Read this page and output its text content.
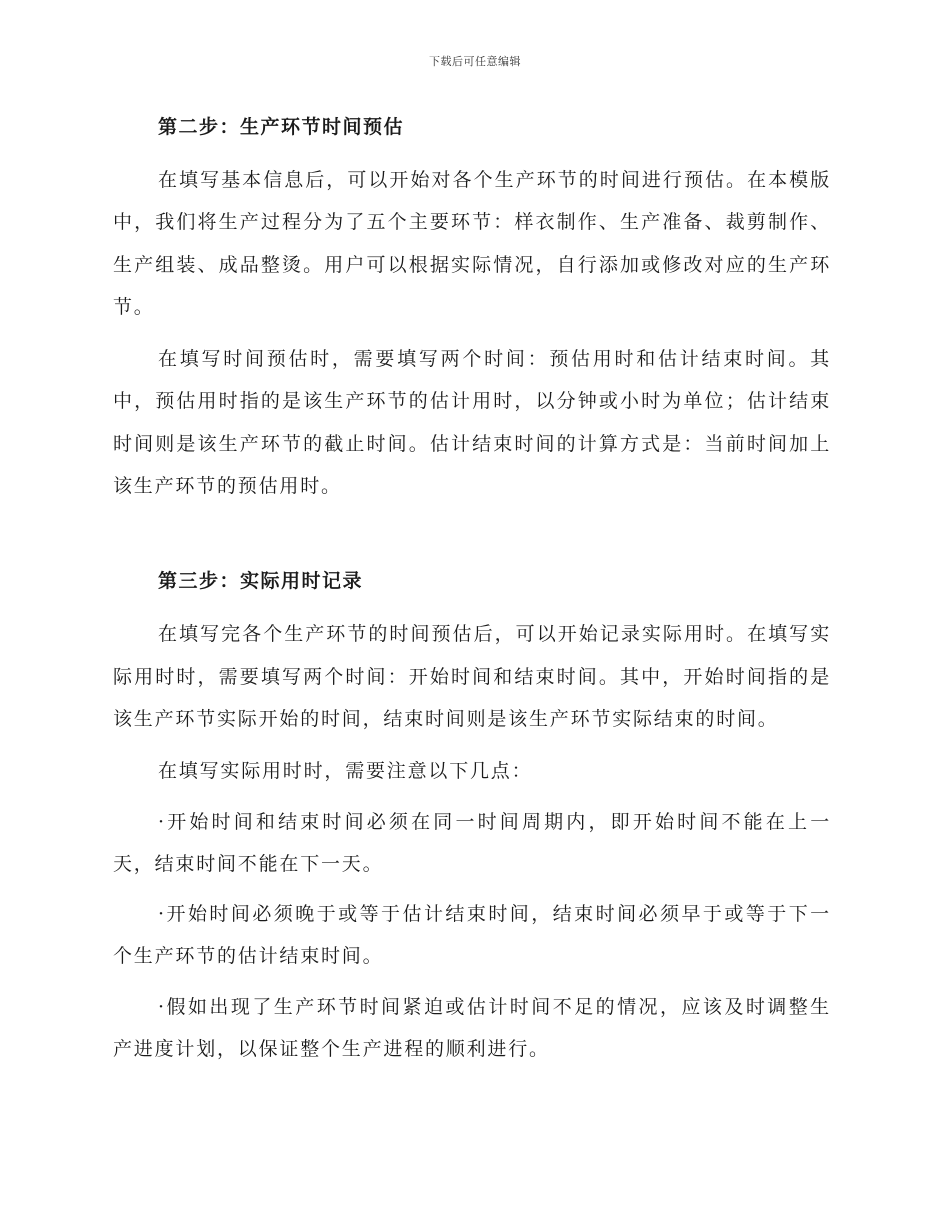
下载后可任意编辑
第二步：生产环节时间预估

在填写基本信息后，可以开始对各个生产环节的时间进行预估。在本模版中，我们将生产过程分为了五个主要环节：样衣制作、生产准备、裁剪制作、生产组装、成品整烫。用户可以根据实际情况，自行添加或修改对应的生产环节。

在填写时间预估时，需要填写两个时间：预估用时和估计结束时间。其中，预估用时指的是该生产环节的估计用时，以分钟或小时为单位；估计结束时间则是该生产环节的截止时间。估计结束时间的计算方式是：当前时间加上该生产环节的预估用时。

第三步：实际用时记录

在填写完各个生产环节的时间预估后，可以开始记录实际用时。在填写实际用时时，需要填写两个时间：开始时间和结束时间。其中，开始时间指的是该生产环节实际开始的时间，结束时间则是该生产环节实际结束的时间。

在填写实际用时时，需要注意以下几点：

·开始时间和结束时间必须在同一时间周期内，即开始时间不能在上一天，结束时间不能在下一天。

·开始时间必须晚于或等于估计结束时间，结束时间必须早于或等于下一个生产环节的估计结束时间。

·假如出现了生产环节时间紧迫或估计时间不足的情况，应该及时调整生产进度计划，以保证整个生产进程的顺利进行。
